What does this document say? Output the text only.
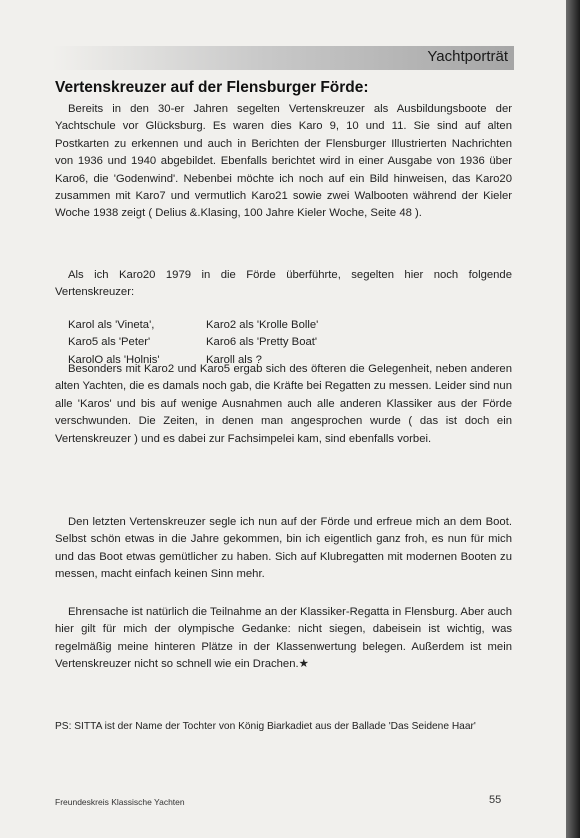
Yachtporträt
Vertenskreuzer auf der Flensburger Förde:

Bereits in den 30-er Jahren segelten Vertenskreuzer als Ausbildungsboote der Yachtschule vor Glücksburg. Es waren dies Karo 9, 10 und 11. Sie sind auf alten Postkarten zu erkennen und auch in Berichten der Flensburger Illustrierten Nachrichten von 1936 und 1940 abgebildet. Ebenfalls berichtet wird in einer Ausgabe von 1936 über Karo6, die 'Godenwind'. Nebenbei möchte ich noch auf ein Bild hinweisen, das Karo20 zusammen mit Karo7 und vermutlich Karo21 sowie zwei Walbooten während der Kieler Woche 1938 zeigt ( Delius &.Klasing, 100 Jahre Kieler Woche, Seite 48 ).

Als ich Karo20 1979 in die Förde überführte, segelten hier noch folgende Vertenskreuzer:

Karol als 'Vineta',	Karo2 als 'Krolle Bolle'
Karo5 als 'Peter'	Karo6 als 'Pretty Boat'
KarolO als 'Holnis'	Karoll als ?

Besonders mit Karo2 und Karo5 ergab sich des öfteren die Gelegenheit, neben anderen alten Yachten, die es damals noch gab, die Kräfte bei Regatten zu messen. Leider sind nun alle 'Karos' und bis auf wenige Ausnahmen auch alle anderen Klassiker aus der Förde verschwunden. Die Zeiten, in denen man angesprochen wurde ( das ist doch ein Vertenskreuzer ) und es dabei zur Fachsimpelei kam, sind ebenfalls vorbei.

Den letzten Vertenskreuzer segle ich nun auf der Förde und erfreue mich an dem Boot. Selbst schön etwas in die Jahre gekommen, bin ich eigentlich ganz froh, es nun für mich und das Boot etwas gemütlicher zu haben. Sich auf Klubregatten mit modernen Booten zu messen, macht einfach keinen Sinn mehr.

Ehrensache ist natürlich die Teilnahme an der Klassiker-Regatta in Flensburg. Aber auch hier gilt für mich der olympische Gedanke: nicht siegen, dabeisein ist wichtig, was regelmäßig meine hinteren Plätze in der Klassenwertung belegen. Außerdem ist mein Vertenskreuzer nicht so schnell wie ein Drachen.★

PS: SITTA ist der Name der Tochter von König Biarkadiet aus der Ballade 'Das Seidene Haar'
Freundeskreis Klassische Yachten	55
